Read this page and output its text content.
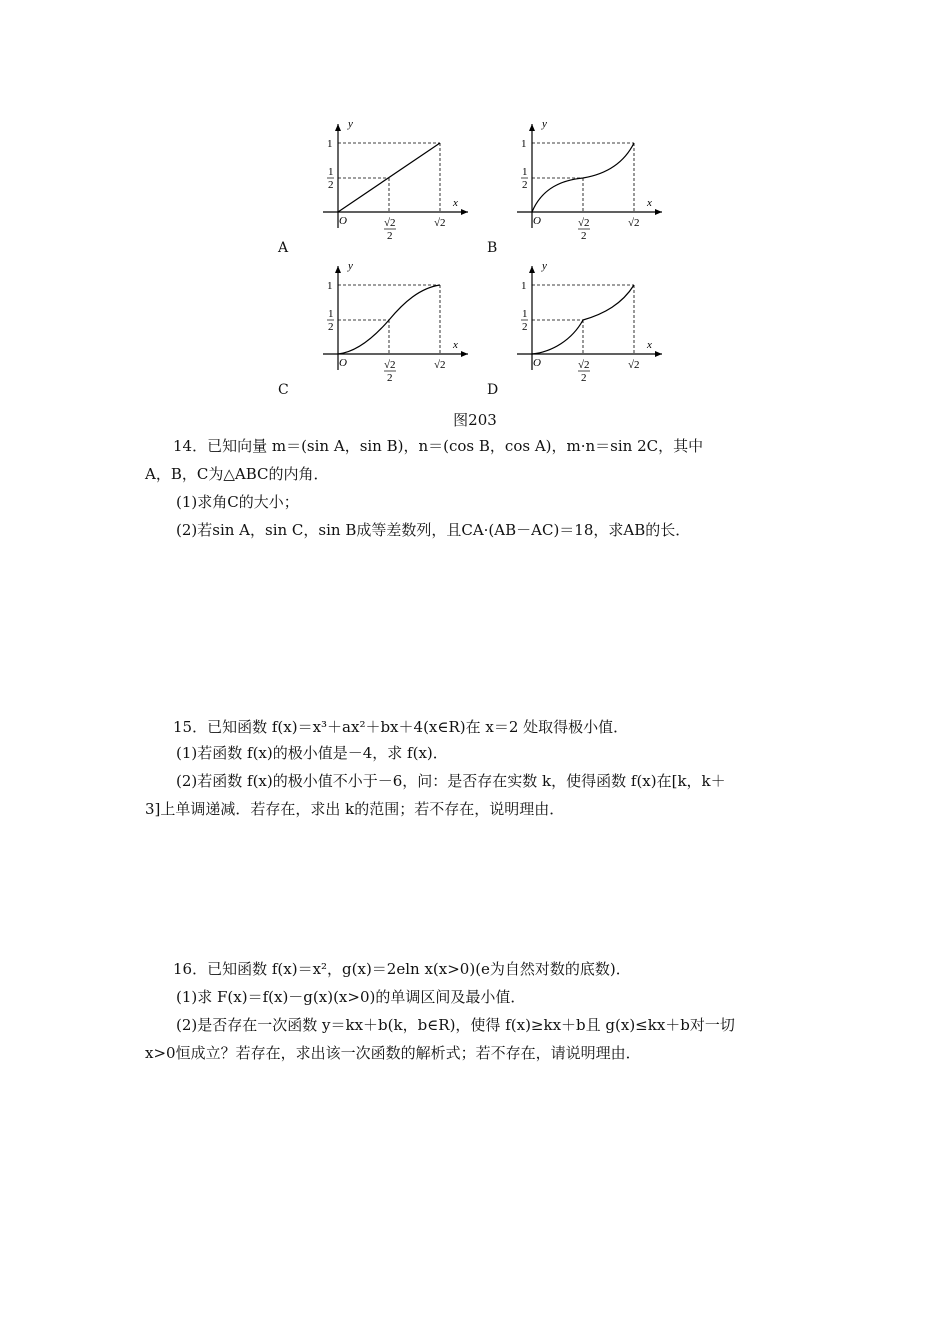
y
x
O
1
1
2
√2
2
√2
A
y
x
O
1
1
2
√2
2
√2
B
y
x
O
1
1
2
√2
2
√2
C
y
x
O
1
1
2
√2
2
√2
D
图203
14．已知向量 m＝(sin A，sin B)，n＝(cos B，cos A)，m·n＝sin 2C，其中
A，B，C为△ABC的内角．
(1)求角C的大小；
(2)若sin A，sin C，sin B成等差数列，且CA·(AB－AC)＝18，求AB的长．
15．已知函数 f(x)＝x³＋ax²＋bx＋4(x∈R)在 x＝2 处取得极小值．
(1)若函数 f(x)的极小值是－4，求 f(x)．
(2)若函数 f(x)的极小值不小于－6，问：是否存在实数 k，使得函数 f(x)在[k，k＋
3]上单调递减．若存在，求出 k的范围；若不存在，说明理由．
16．已知函数 f(x)＝x²，g(x)＝2eln x(x>0)(e为自然对数的底数)．
(1)求 F(x)＝f(x)－g(x)(x>0)的单调区间及最小值．
(2)是否存在一次函数 y＝kx＋b(k，b∈R)，使得 f(x)≥kx＋b且 g(x)≤kx＋b对一切
x>0恒成立？若存在，求出该一次函数的解析式；若不存在，请说明理由．
